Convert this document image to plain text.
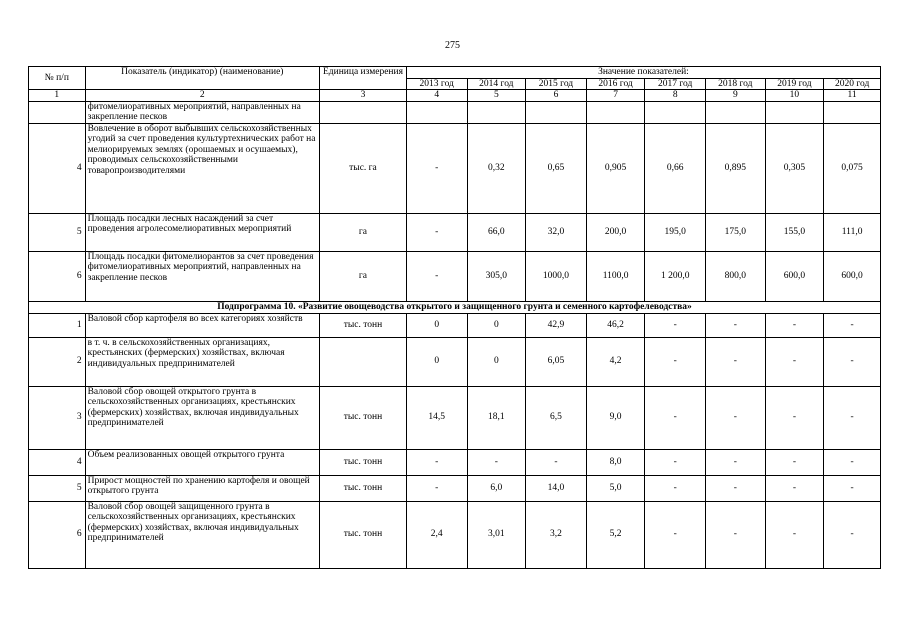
275
№ п/п	Показатель (индикатор) (наименование)	Единица измерения	Значение показателей:							
			2013 год	2014 год	2015 год	2016 год	2017 год	2018 год	2019 год	2020 год
1	2	3	4	5	6	7	8	9	10	11
	фитомелиоративных мероприятий, направленных на закрепление песков									
4	Вовлечение в оборот выбывших сельскохозяйственных угодий за счет проведения культуртехнических работ на мелиорируемых землях (орошаемых и осушаемых), проводимых сельскохозяйственными товаропроизводителями	тыс. га	-	0,32	0,65	0,905	0,66	0,895	0,305	0,075
5	Площадь посадки лесных насаждений за счет проведения агролесомелиоративных мероприятий	га	-	66,0	32,0	200,0	195,0	175,0	155,0	111,0
6	Площадь посадки фитомелиорантов за счет проведения фитомелиоративных мероприятий, направленных на закрепление песков	га	-	305,0	1000,0	1100,0	1 200,0	800,0	600,0	600,0
Подпрограмма 10. «Развитие овощеводства открытого и защищенного грунта и семенного картофелеводства»										
1	Валовой сбор картофеля во всех категориях хозяйств	тыс. тонн	0	0	42,9	46,2	-	-	-	-
2	в т. ч. в сельскохозяйственных организациях, крестьянских (фермерских) хозяйствах, включая индивидуальных предпринимателей		0	0	6,05	4,2	-	-	-	-
3	Валовой сбор овощей открытого грунта в сельскохозяйственных организациях, крестьянских (фермерских) хозяйствах, включая индивидуальных предпринимателей	тыс. тонн	14,5	18,1	6,5	9,0	-	-	-	-
4	Объем реализованных овощей открытого грунта	тыс. тонн	-	-	-	8,0	-	-	-	-
5	Прирост мощностей по хранению картофеля и овощей открытого грунта	тыс. тонн	-	6,0	14,0	5,0	-	-	-	-
6	Валовой сбор овощей защищенного грунта в сельскохозяйственных организациях, крестьянских (фермерских) хозяйствах, включая индивидуальных предпринимателей	тыс. тонн	2,4	3,01	3,2	5,2	-	-	-	-
